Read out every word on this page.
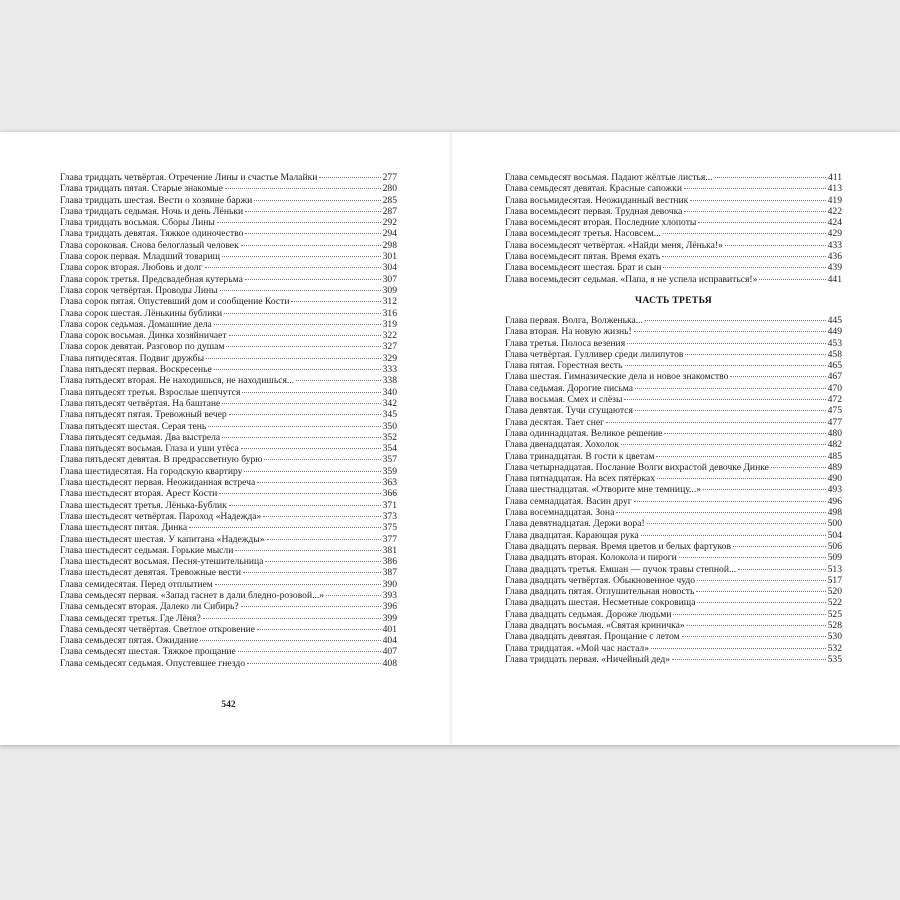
Глава тридцать четвёртая. Отречение Лины и счастье Малайки	277
Глава тридцать пятая. Старые знакомые	280
Глава тридцать шестая. Вести о хозяине баржи	285
Глава тридцать седьмая. Ночь и день Лёньки	287
Глава тридцать восьмая. Сборы Лины	292
Глава тридцать девятая. Тяжкое одиночество	294
Глава сороковая. Снова белоглазый человек	298
Глава сорок первая. Младший товарищ	301
Глава сорок вторая. Любовь и долг	304
Глава сорок третья. Предсвадебная кутерьма	307
Глава сорок четвёртая. Проводы Лины	309
Глава сорок пятая. Опустевший дом и сообщение Кости	312
Глава сорок шестая. Лёнькины бублики	316
Глава сорок седьмая. Домашние дела	319
Глава сорок восьмая. Динка хозяйничает	322
Глава сорок девятая. Разговор по душам	327
Глава пятидесятая. Подвиг дружбы	329
Глава пятьдесят первая. Воскресенье	333
Глава пятьдесят вторая. Не находишься, не находишься...	338
Глава пятьдесят третья. Взрослые шепчутся	340
Глава пятьдесят четвёртая. На баштане	342
Глава пятьдесят пятая. Тревожный вечер	345
Глава пятьдесят шестая. Серая тень	350
Глава пятьдесят седьмая. Два выстрела	352
Глава пятьдесят восьмая. Глаза и уши утёса	354
Глава пятьдесят девятая. В предрассветную бурю	357
Глава шестидесятая. На городскую квартиру	359
Глава шестьдесят первая. Неожиданная встреча	363
Глава шестьдесят вторая. Арест Кости	366
Глава шестьдесят третья. Лёнька-Бублик	371
Глава шестьдесят четвёртая. Пароход «Надежда»	373
Глава шестьдесят пятая. Динка	375
Глава шестьдесят шестая. У капитана «Надежды»	377
Глава шестьдесят седьмая. Горькие мысли	381
Глава шестьдесят восьмая. Песня-утешительница	386
Глава шестьдесят девятая. Тревожные вести	387
Глава семидесятая. Перед отплытием	390
Глава семьдесят первая. «Запад гаснет в дали бледно-розовой...»	393
Глава семьдесят вторая. Далеко ли Сибирь?	396
Глава семьдесят третья. Где Лёня?	399
Глава семьдесят четвёртая. Светлое откровение	401
Глава семьдесят пятая. Ожидание	404
Глава семьдесят шестая. Тяжкое прощание	407
Глава семьдесят седьмая. Опустевшее гнездо	408
542
Глава семьдесят восьмая. Падают жёлтые листья...	411
Глава семьдесят девятая. Красные сапожки	413
Глава восьмидесятая. Неожиданный вестник	419
Глава восемьдесят первая. Трудная девочка	422
Глава восемьдесят вторая. Последние хлопоты	424
Глава восемьдесят третья. Насовсем...	429
Глава восемьдесят четвёртая. «Найди меня, Лёнька!»	433
Глава восемьдесят пятая. Время ехать	436
Глава восемьдесят шестая. Брат и сын	439
Глава восемьдесят седьмая. «Папа, я не успела исправиться!»	441
ЧАСТЬ ТРЕТЬЯ
Глава первая. Волга, Волженька...	445
Глава вторая. На новую жизнь!	449
Глава третья. Полоса везения	453
Глава четвёртая. Гулливер среди лилипутов	458
Глава пятая. Горестная весть	465
Глава шестая. Гимназические дела и новое знакомство	467
Глава седьмая. Дорогие письма	470
Глава восьмая. Смех и слёзы	472
Глава девятая. Тучи сгущаются	475
Глава десятая. Тает снег	477
Глава одиннадцатая. Великое решение	480
Глава двенадцатая. Хохолок	482
Глава тринадцатая. В гости к цветам	485
Глава четырнадцатая. Послание Волги вихрастой девочке Динке	489
Глава пятнадцатая. На всех пятёрках	490
Глава шестнадцатая. «Отворите мне темницу...»	493
Глава семнадцатая. Васин друг	496
Глава восемнадцатая. Зона	498
Глава девятнадцатая. Держи вора!	500
Глава двадцатая. Карающая рука	504
Глава двадцать первая. Время цветов и белых фартуков	506
Глава двадцать вторая. Колокола и пироги	509
Глава двадцать третья. Емшан — пучок травы степной...	513
Глава двадцать четвёртая. Обыкновенное чудо	517
Глава двадцать пятая. Оглушительная новость	520
Глава двадцать шестая. Несметные сокровища	522
Глава двадцать седьмая. Дороже людьми	525
Глава двадцать восьмая. «Святая криничка»	528
Глава двадцать девятая. Прощание с летом	530
Глава тридцатая. «Мой час настал»	532
Глава тридцать первая. «Ничейный дед»	535
